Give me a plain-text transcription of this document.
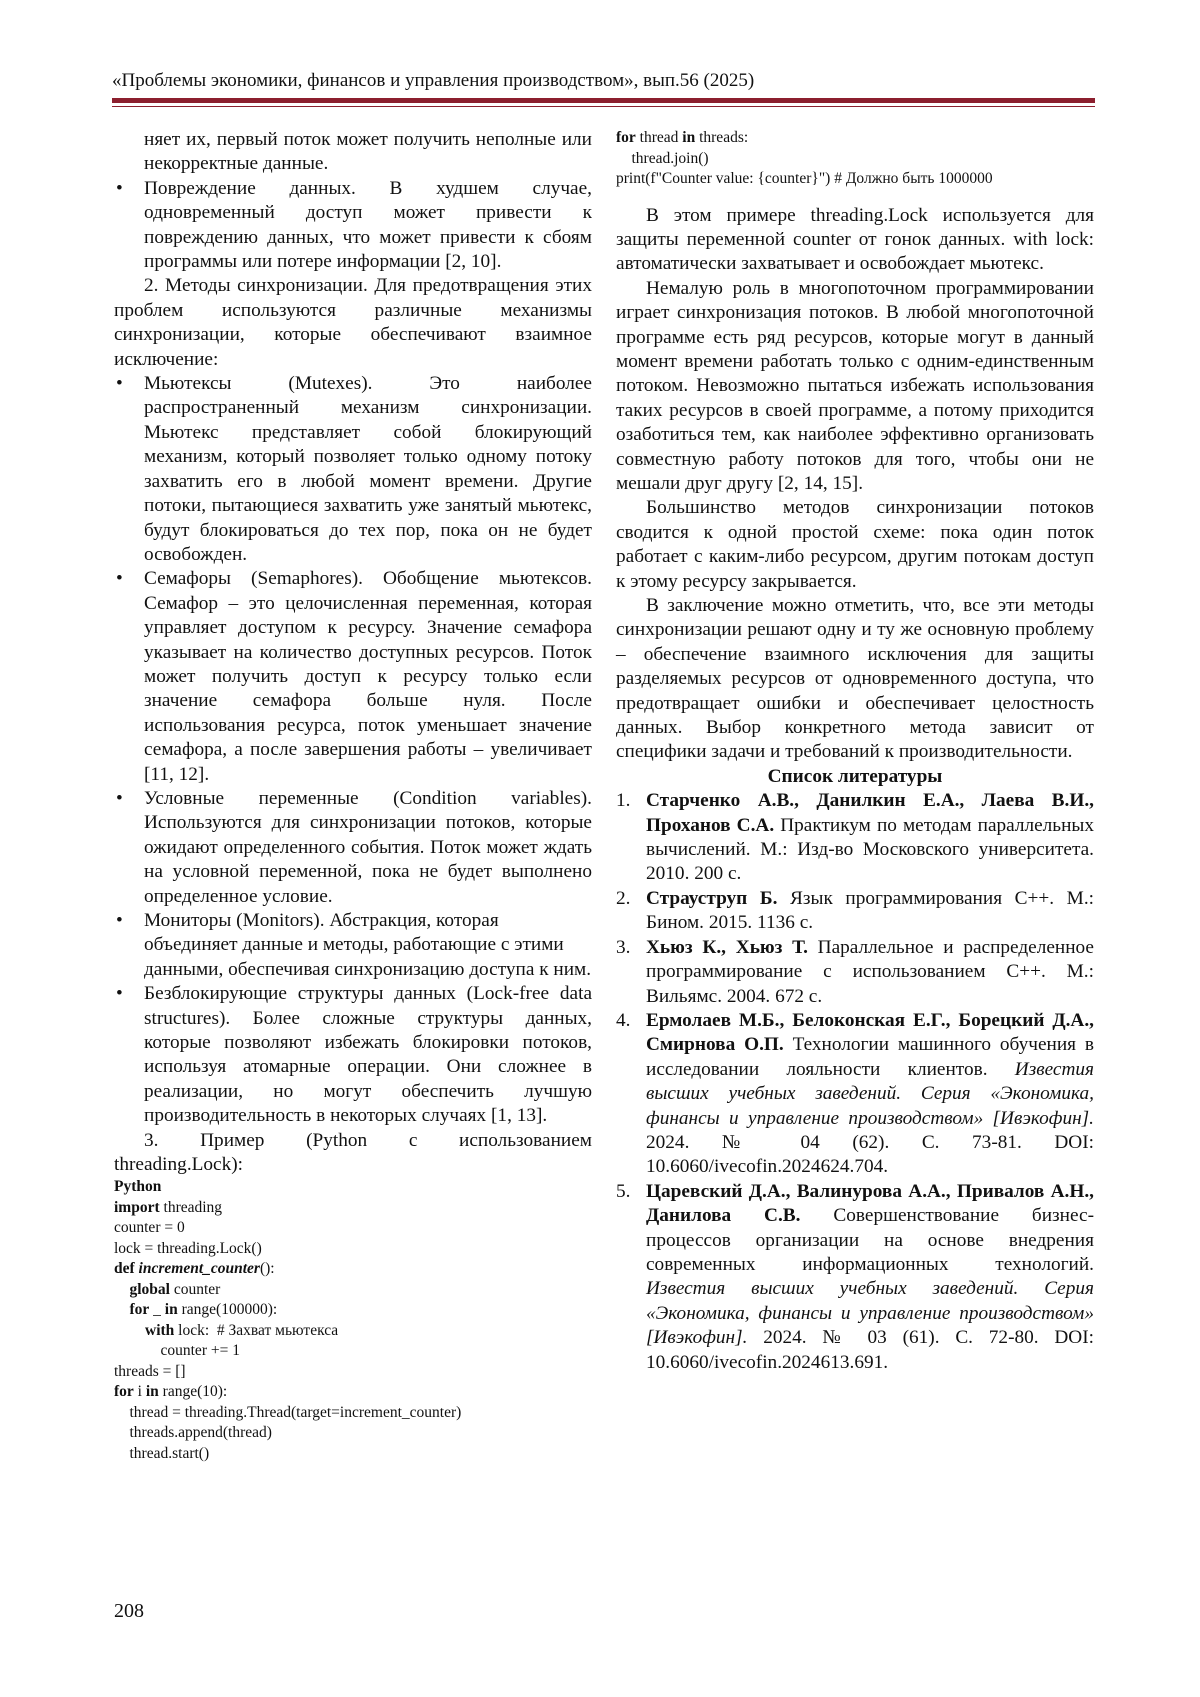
«Проблемы экономики, финансов и управления производством», вып.56 (2025)

няет их, первый поток может получить неполные или некорректные данные.

• Повреждение данных. В худшем случае, одновременный доступ может привести к повреждению данных, что может привести к сбоям программы или потере информации [2, 10].

2. Методы синхронизации. Для предотвращения этих проблем используются различные механизмы синхронизации, которые обеспечивают взаимное исключение:

• Мьютексы (Mutexes). Это наиболее распространенный механизм синхронизации. Мьютекс представляет собой блокирующий механизм, который позволяет только одному потоку захватить его в любой момент времени. Другие потоки, пытающиеся захватить уже занятый мьютекс, будут блокироваться до тех пор, пока он не будет освобожден.
• Семафоры (Semaphores). Обобщение мьютексов. Семафор – это целочисленная переменная, которая управляет доступом к ресурсу. Значение семафора указывает на количество доступных ресурсов. Поток может получить доступ к ресурсу только если значение семафора больше нуля. После использования ресурса, поток уменьшает значение семафора, а после завершения работы – увеличивает [11, 12].
• Условные переменные (Condition variables). Используются для синхронизации потоков, которые ожидают определенного события. Поток может ждать на условной переменной, пока не будет выполнено определенное условие.
• Мониторы (Monitors). Абстракция, которая объединяет данные и методы, работающие с этими данными, обеспечивая синхронизацию доступа к ним.
• Безблокирующие структуры данных (Lock-free data structures). Более сложные структуры данных, которые позволяют избежать блокировки потоков, используя атомарные операции. Они сложнее в реализации, но могут обеспечить лучшую производительность в некоторых случаях [1, 13].
3. Пример (Python с использованием

threading.Lock):

Python
import threading
counter = 0
lock = threading.Lock()
def increment_counter():
global counter
for _ in range(100000):
with lock:  # Захват мьютекса
counter += 1
threads = []
for i in range(10):
thread = threading.Thread(target=increment_counter)
threads.append(thread)
thread.start()
for thread in threads:
thread.join()
print(f"Counter value: {counter}") # Должно быть 1000000

В этом примере threading.Lock используется для защиты переменной counter от гонок данных. with lock: автоматически захватывает и освобождает мьютекс.

Немалую роль в многопоточном программировании играет синхронизация потоков. В любой многопоточной программе есть ряд ресурсов, которые могут в данный момент времени работать только с одним-единственным потоком. Невозможно пытаться избежать использования таких ресурсов в своей программе, а потому приходится озаботиться тем, как наиболее эффективно организовать совместную работу потоков для того, чтобы они не мешали друг другу [2, 14, 15].

Большинство методов синхронизации потоков сводится к одной простой схеме: пока один поток работает с каким-либо ресурсом, другим потокам доступ к этому ресурсу закрывается.

В заключение можно отметить, что, все эти методы синхронизации решают одну и ту же основную проблему – обеспечение взаимного исключения для защиты разделяемых ресурсов от одновременного доступа, что предотвращает ошибки и обеспечивает целостность данных. Выбор конкретного метода зависит от специфики задачи и требований к производительности.

Список литературы

1. Старченко А.В., Данилкин Е.А., Лаева В.И., Проханов С.А. Практикум по методам параллельных вычислений. М.: Изд-во Московского университета. 2010. 200 с.
2. Страуструп Б. Язык программирования С++. М.: Бином. 2015. 1136 с.
3. Хьюз К., Хьюз Т. Параллельное и распределенное программирование с использованием С++. М.: Вильямс. 2004. 672 с.
4. Ермолаев М.Б., Белоконская Е.Г., Борецкий Д.А., Смирнова О.П. Технологии машинного обучения в исследовании лояльности клиентов. Известия высших учебных заведений. Серия «Экономика, финансы и управление производством» [Ивэкофин]. 2024. № 04 (62). С. 73-81. DOI: 10.6060/ivecofin.2024624.704.
5. Царевский Д.А., Валинурова А.А., Привалов А.Н., Данилова С.В. Совершенствование бизнес-процессов организации на основе внедрения современных информационных технологий. Известия высших учебных заведений. Серия «Экономика, финансы и управление производством» [Ивэкофин]. 2024. № 03 (61). С. 72-80. DOI: 10.6060/ivecofin.2024613.691.
208
